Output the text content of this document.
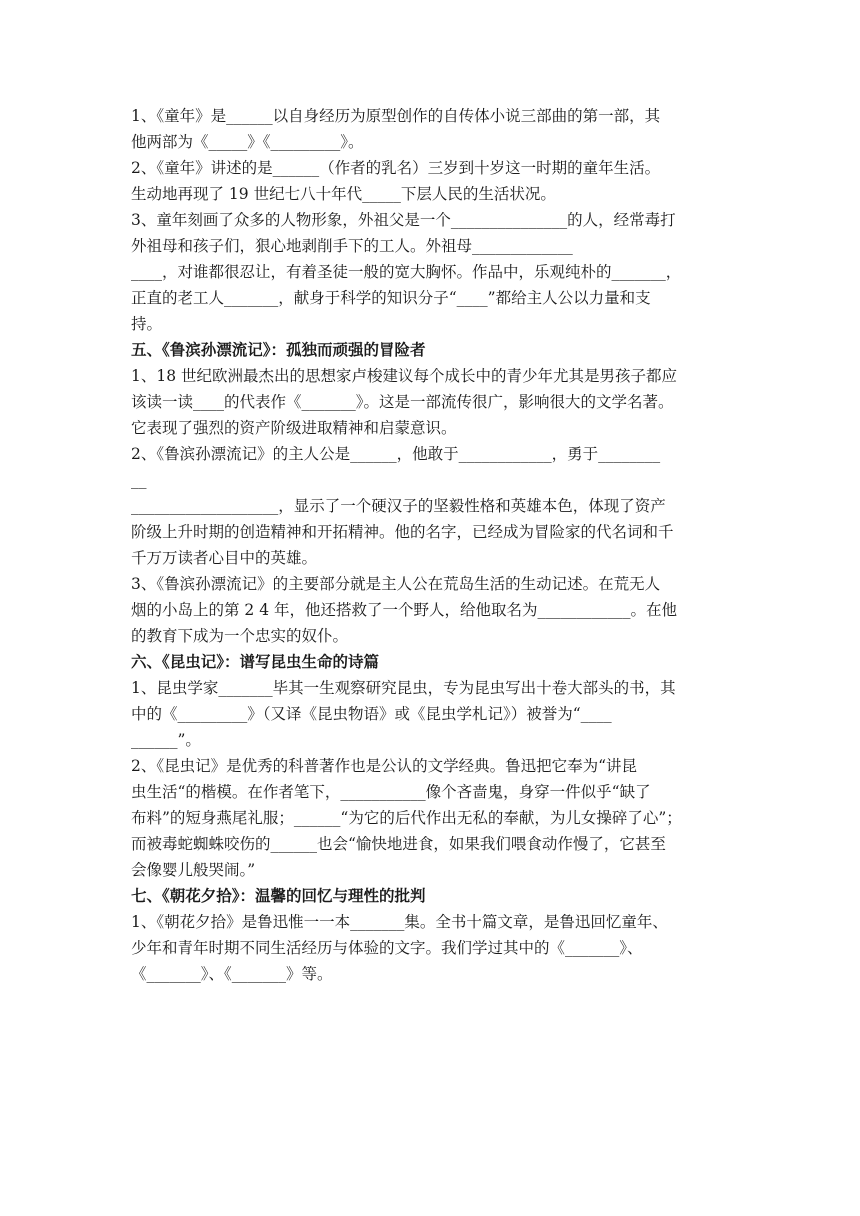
1、《童年》是______以自身经历为原型创作的自传体小说三部曲的第一部，其
他两部为《_____》《_________》。
2、《童年》讲述的是______（作者的乳名）三岁到十岁这一时期的童年生活。
生动地再现了 19 世纪七八十年代_____下层人民的生活状况。
3、童年刻画了众多的人物形象，外祖父是一个_______________的人，经常毒打
外祖母和孩子们，狠心地剥削手下的工人。外祖母_____________
____，对谁都很忍让，有着圣徒一般的宽大胸怀。作品中，乐观纯朴的_______，
正直的老工人_______，献身于科学的知识分子“____”都给主人公以力量和支
持。
五、《鲁滨孙漂流记》：孤独而顽强的冒险者
1、18 世纪欧洲最杰出的思想家卢梭建议每个成长中的青少年尤其是男孩子都应
该读一读____的代表作《_______》。这是一部流传很广，影响很大的文学名著。
它表现了强烈的资产阶级进取精神和启蒙意识。
2、《鲁滨孙漂流记》的主人公是______，他敢于____________，勇于________
__
___________________，显示了一个硬汉子的坚毅性格和英雄本色，体现了资产
阶级上升时期的创造精神和开拓精神。他的名字，已经成为冒险家的代名词和千
千万万读者心目中的英雄。
3、《鲁滨孙漂流记》的主要部分就是主人公在荒岛生活的生动记述。在荒无人
烟的小岛上的第 2 4 年，他还搭救了一个野人，给他取名为____________。在他
的教育下成为一个忠实的奴仆。
六、《昆虫记》：谱写昆虫生命的诗篇
1、昆虫学家_______毕其一生观察研究昆虫，专为昆虫写出十卷大部头的书，其
中的《_________》（又译《昆虫物语》或《昆虫学札记》）被誉为“____
______”。
2、《昆虫记》是优秀的科普著作也是公认的文学经典。鲁迅把它奉为“讲昆
虫生活“的楷模。在作者笔下，___________像个吝啬鬼，身穿一件似乎“缺了
布料”的短身燕尾礼服；______“为它的后代作出无私的奉献，为儿女操碎了心”；
而被毒蛇蜘蛛咬伤的______也会“愉快地进食，如果我们喂食动作慢了，它甚至
会像婴儿般哭闹。”
七、《朝花夕拾》：温馨的回忆与理性的批判
1、《朝花夕拾》是鲁迅惟一一本_______集。全书十篇文章，是鲁迅回忆童年、
少年和青年时期不同生活经历与体验的文字。我们学过其中的《_______》、
《_______》、《_______》等。
